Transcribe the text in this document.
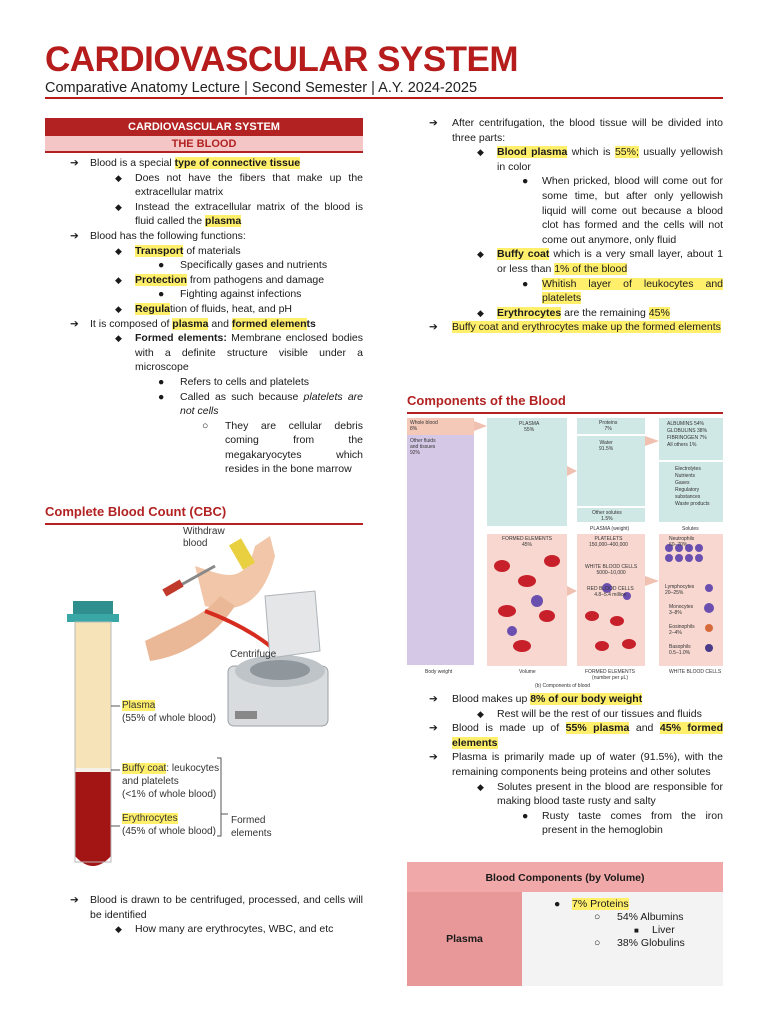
CARDIOVASCULAR SYSTEM
Comparative Anatomy Lecture | Second Semester | A.Y. 2024-2025
CARDIOVASCULAR SYSTEM
THE BLOOD
➔ Blood is a special type of connective tissue
◆ Does not have the fibers that make up the extracellular matrix
◆ Instead the extracellular matrix of the blood is fluid called the plasma
➔ Blood has the following functions:
◆ Transport of materials
● Specifically gases and nutrients
◆ Protection from pathogens and damage
● Fighting against infections
◆ Regulation of fluids, heat, and pH
➔ It is composed of plasma and formed elements
◆ Formed elements: Membrane enclosed bodies with a definite structure visible under a microscope
● Refers to cells and platelets
● Called as such because platelets are not cells
○ They are cellular debris coming from the megakaryocytes which resides in the bone marrow
Complete Blood Count (CBC)
Withdraw
blood
Centrifuge
Plasma
(55% of whole blood)
Buffy coat: leukocytes
and platelets
(<1% of whole blood)
Erythrocytes
(45% of whole blood)
Formed
elements
➔ Blood is drawn to be centrifuged, processed, and cells will be identified
◆ How many are erythrocytes, WBC, and etc
➔ After centrifugation, the blood tissue will be divided into three parts:
◆ Blood plasma which is 55%; usually yellowish in color
● When pricked, blood will come out for some time, but after only yellowish liquid will come out because a blood clot has formed and the cells will not come out anymore, only fluid
◆ Buffy coat which is a very small layer, about 1 or less than 1% of the blood
● Whitish layer of leukocytes and platelets
◆ Erythrocytes are the remaining 45%
➔ Buffy coat and erythrocytes make up the formed elements
Components of the Blood
Whole blood
8%
Other fluids
and tissues
92%
PLASMA
55%
Proteins
7%
Water
91.5%
Other solutes
1.5%
PLASMA (weight)
ALBUMINS 54%
GLOBULINS 38%
FIBRINOGEN 7%
All others 1%
Electrolytes
Nutrients
Gases
Regulatory
substances
Waste products
Solutes
FORMED ELEMENTS
45%
PLATELETS
150,000–400,000
WHITE BLOOD CELLS
5000–10,000
RED BLOOD CELLS
4.8–5.4 million
Neutrophils
60–70%
Lymphocytes
20–25%
Monocytes
3–8%
Eosinophils
2–4%
Basophils
0.5–1.0%
Body weight	Volume	FORMED ELEMENTS
(number per μL)
WHITE BLOOD CELLS
(b) Components of blood
➔ Blood makes up 8% of our body weight
◆ Rest will be the rest of our tissues and fluids
➔ Blood is made up of 55% plasma and 45% formed elements
➔ Plasma is primarily made up of water (91.5%), with the remaining components being proteins and other solutes
◆ Solutes present in the blood are responsible for making blood taste rusty and salty
● Rusty taste comes from the iron present in the hemoglobin
Blood Components (by Volume)
Plasma
● 7% Proteins
○ 54% Albumins
■ Liver
○ 38% Globulins
